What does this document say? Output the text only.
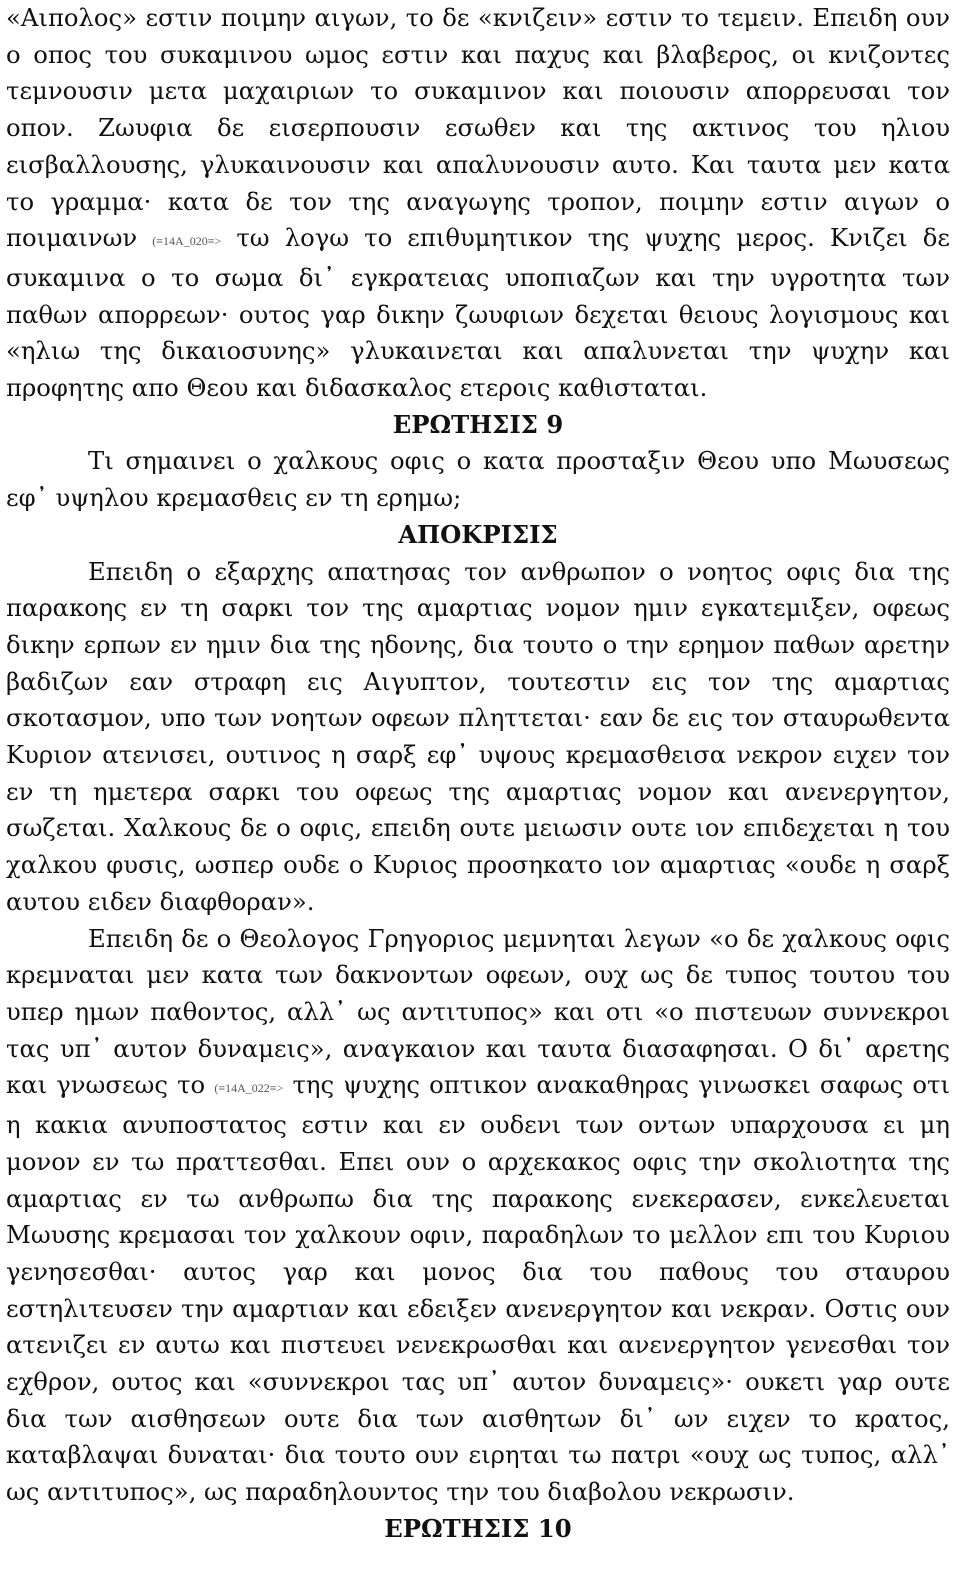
«Αιπολος» εστιν ποιμην αιγων, το δε «κνιζειν» εστιν το τεμειν. Επειδη ουν ο οπος του συκαμινου ωμος εστιν και παχυς και βλαβερος, οι κνιζοντες τεμνουσιν μετα μαχαιριων το συκαμινον και ποιουσιν απορρευσαι τον οπον. Ζωυφια δε εισερπουσιν εσωθεν και της ακτινος του ηλιου εισβαλλουσης, γλυκαινουσιν και απαλυνουσιν αυτο. Και ταυτα μεν κατα το γραμμα· κατα δε τον της αναγωγης τροπον, ποιμην εστιν αιγων ο ποιμαινων (≡14A_020≡> τω λογω το επιθυμητικον της ψυχης μερος. Κνιζει δε συκαμινα ο το σωμα δι᾽ εγκρατειας υποπιαζων και την υγροτητα των παθων απορρεων· ουτος γαρ δικην ζωυφιων δεχεται θειους λογισμους και «ηλιω της δικαιοσυνης» γλυκαινεται και απαλυνεται την ψυχην και προφητης απο Θεου και διδασκαλος ετεροις καθισταται.

ΕΡΩΤΗΣΙΣ 9

Τι σημαινει ο χαλκους οφις ο κατα προσταξιν Θεου υπο Μωυσεως εφ᾽ υψηλου κρεμασθεις εν τη ερημω;

ΑΠΟΚΡΙΣΙΣ

Επειδη ο εξαρχης απατησας τον ανθρωπον ο νοητος οφις δια της παρακοης εν τη σαρκι τον της αμαρτιας νομον ημιν εγκατεμιξεν, οφεως δικην ερπων εν ημιν δια της ηδονης, δια τουτο ο την ερημον παθων αρετην βαδιζων εαν στραφη εις Αιγυπτον, τουτεστιν εις τον της αμαρτιας σκοτασμον, υπο των νοητων οφεων πληττεται· εαν δε εις τον σταυρωθεντα Κυριον ατενισει, ουτινος η σαρξ εφ᾽ υψους κρεμασθεισα νεκρον ειχεν τον εν τη ημετερα σαρκι του οφεως της αμαρτιας νομον και ανενεργητον, σωζεται. Χαλκους δε ο οφις, επειδη ουτε μειωσιν ουτε ιον επιδεχεται η του χαλκου φυσις, ωσπερ ουδε ο Κυριος προσηκατο ιον αμαρτιας «ουδε η σαρξ αυτου ειδεν διαφθοραν».

Επειδη δε ο Θεολογος Γρηγοριος μεμνηται λεγων «ο δε χαλκους οφις κρεμναται μεν κατα των δακνοντων οφεων, ουχ ως δε τυπος τουτου του υπερ ημων παθοντος, αλλ᾽ ως αντιτυπος» και οτι «ο πιστευων συννεκροι τας υπ᾽ αυτον δυναμεις», αναγκαιον και ταυτα διασαφησαι. Ο δι᾽ αρετης και γνωσεως το (≡14A_022≡> της ψυχης οπτικον ανακαθηρας γινωσκει σαφως οτι η κακια ανυποστατος εστιν και εν ουδενι των οντων υπαρχουσα ει μη μονον εν τω πραττεσθαι. Επει ουν ο αρχεκακος οφις την σκολιοτητα της αμαρτιας εν τω ανθρωπω δια της παρακοης ενεκερασεν, ενκελευεται Μωυσης κρεμασαι τον χαλκουν οφιν, παραδηλων το μελλον επι του Κυριου γενησεσθαι· αυτος γαρ και μονος δια του παθους του σταυρου εστηλιτευσεν την αμαρτιαν και εδειξεν ανενεργητον και νεκραν. Οστις ουν ατενιζει εν αυτω και πιστευει νενεκρωσθαι και ανενεργητον γενεσθαι τον εχθρον, ουτος και «συννεκροι τας υπ᾽ αυτον δυναμεις»· ουκετι γαρ ουτε δια των αισθησεων ουτε δια των αισθητων δι᾽ ων ειχεν το κρατος, καταβλαψαι δυναται· δια τουτο ουν ειρηται τω πατρι «ουχ ως τυπος, αλλ᾽ ως αντιτυπος», ως παραδηλουντος την του διαβολου νεκρωσιν.

ΕΡΩΤΗΣΙΣ 10
